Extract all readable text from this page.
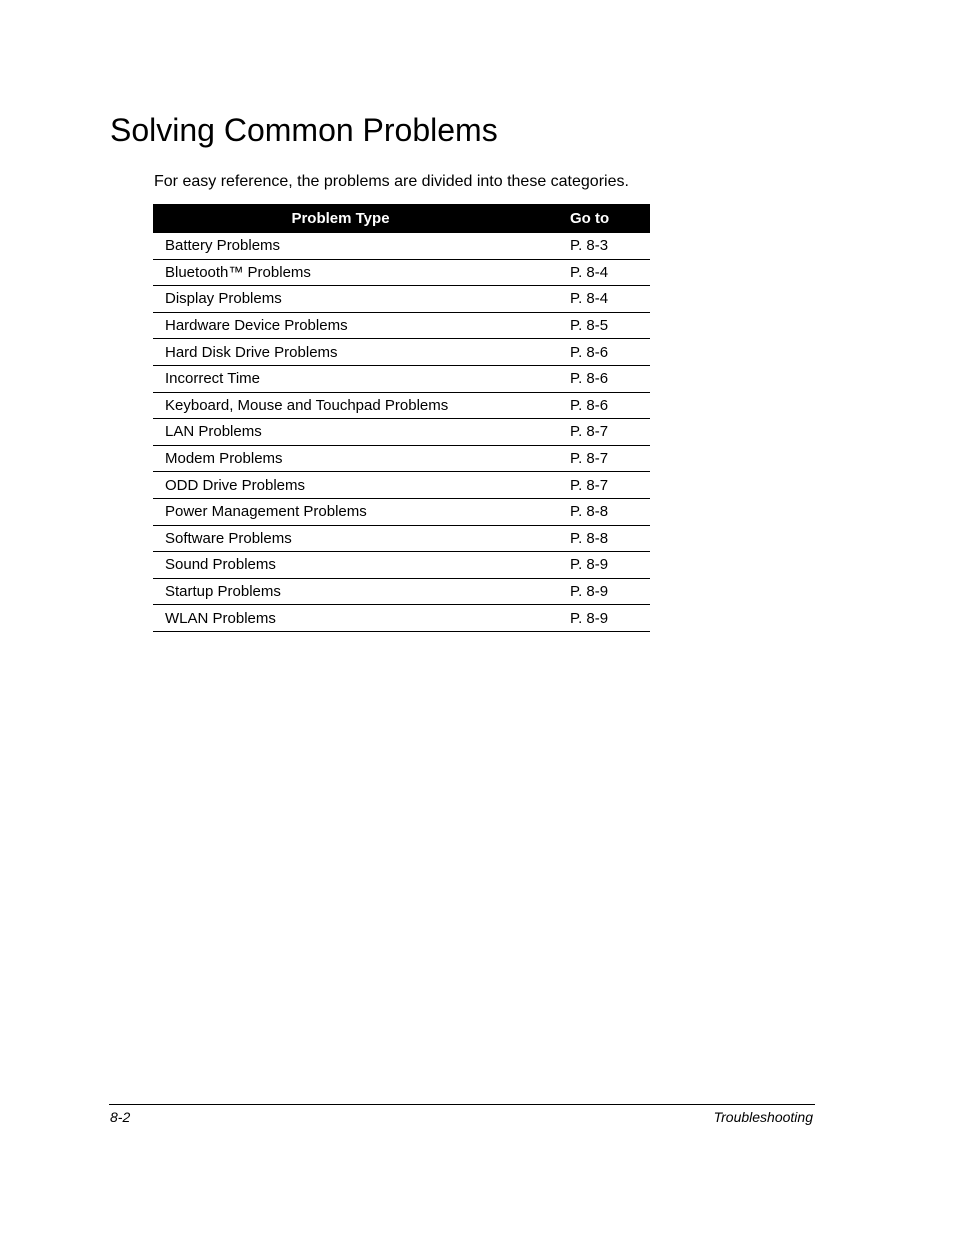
Solving Common Problems

For easy reference, the problems are divided into these categories.

Problem Type	Go to
Battery Problems	P. 8-3
Bluetooth™ Problems	P. 8-4
Display Problems	P. 8-4
Hardware Device Problems	P. 8-5
Hard Disk Drive Problems	P. 8-6
Incorrect Time	P. 8-6
Keyboard, Mouse and Touchpad Problems	P. 8-6
LAN Problems	P. 8-7
Modem Problems	P. 8-7
ODD Drive Problems	P. 8-7
Power Management Problems	P. 8-8
Software Problems	P. 8-8
Sound Problems	P. 8-9
Startup Problems	P. 8-9
WLAN Problems	P. 8-9
8-2	Troubleshooting
